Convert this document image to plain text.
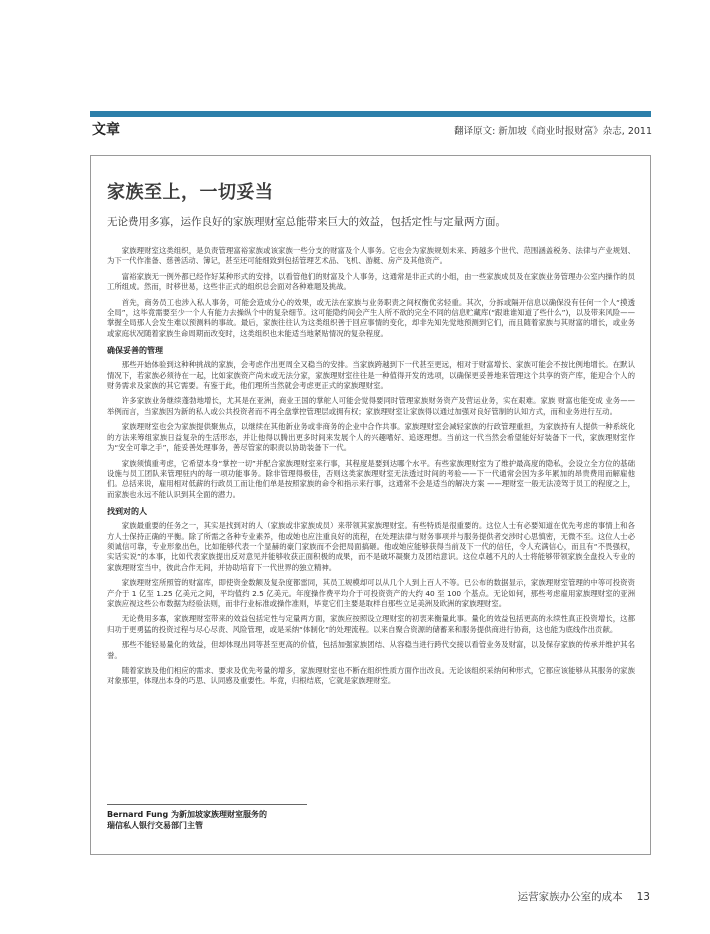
文章	翻译原文: 新加坡《商业时报财富》杂志, 2011
家族至上，一切妥当

无论费用多寡，运作良好的家族理财室总能带来巨大的效益，包括定性与定量两方面。

家族理财室这类组织，是负责管理富裕家族或该家族一些分支的财富及个人事务。它也会为家族规划未来、跨越多个世代、范围涵盖税务、法律与产业规划、为下一代作准备、慈善活动、簿记，甚至还可能细致到包括管理艺术品、飞机、游艇、房产及其他资产。

富裕家族无一例外都已经作好某种形式的安排，以看管他们的财富及个人事务，这通常是非正式的小组，由一些家族成员及在家族业务管理办公室内操作的员工所组成。然而，时移世易，这些非正式的组织总会面对各种难题及挑战。

首先，商务员工也涉入私人事务，可能会造成分心的效果，或无法在家族与业务职责之间权衡优劣轻重。其次，分拆或隔开信息以确保没有任何一个人“摸透全局”，这毕竟需要至少一个人有能力去操纵个中的复杂细节。这可能隐约间会产生人所不欲的完全不同的信息贮藏库(“跟谁谁知道了些什么”)，以及带来风险——掌握全局那人会发生难以预测料的事故。最后，家族往往认为这类组织善于回应事情的变化，却非先知先觉地预测到它们，而且随着家族与其财富的增长，或业务或家庭状况随着家族生命周期而改变时，这类组织也未能适当地紧贴情况的复杂程度。

确保妥善的管理

那些开始体验到这种种挑战的家族，会考虑作出更周全又稳当的安排。当家族跨越到下一代甚至更远，相对于财富增长、家族可能会不按比例地增长。在默认情况下，若家族必须待在一起，比如家族资产尚未或无法分家，家族理财室往往是一种值得开发的选项，以确保更妥善地来管理这个共享的资产库，能迎合个人的财务需求及家族的其它需要。有鉴于此，他们理所当然就会考虑更正式的家族理财室。

许多家族业务继续蓬勃地增长，尤其是在亚洲，商业王国的掌舵人可能会觉得要同时管理家族财务资产及营运业务，实在艰难。家族 财富也能变成 业务——举例而言，当家族因为新的私人或公共投资者而不再全盘掌控管理层或拥有权；家族理财室让家族得以通过加强对良好管制的认知方式，而和业务进行互动。

家族理财室也会为家族提供聚焦点，以继续在其他新业务或非商务的企业中合作共事。家族理财室会减轻家族的行政管理重担，为家族持有人提供一种系统化的方法来筹组家族日益复杂的生活形态，并让他得以腾出更多时间来发展个人的兴趣嗜好、追逐理想。当前这一代当然会希望能好好装备下一代，家族理财室作为“安全可靠之手”，能妥善处理事务，善尽管家的职责以协助装备下一代。

家族须慎重考虑，它希望本身“掌控一切”并配合家族理财室来行事，其程度是要到达哪个水平。有些家族理财室为了维护最高度的隐私，会设立全方位的基础设施与员工团队来管理驻内的每一项功能事务。除非管理得极佳，否则这类家族理财室无法透过时间的考验——下一代通常会因为多年累加的昂贵费用而解雇他们。总括来说，雇用相对低薪的行政员工而让他们单是按照家族的命令和指示来行事，这通常不会是适当的解决方案 ——理财室一般无法凌驾于员工的程度之上，而家族也永远不能认识到其全面的潜力。

找到对的人

家族最重要的任务之一，其实是找到对的人（家族或非家族成员）来带领其家族理财室。有些特质是很重要的。这位人士有必要知道在优先考虑的事情上和各方人士保持正确的平衡。除了所需之各种专业素养，他或她也应注重良好的流程，在处理法律与财务事项并与服务提供者交涉时心思慎密，无微不至。这位人士必须诚信可靠，专业形象出色，比如能够代表一个显赫的豪门家族而不会把局面搞砸。他或她应能够获得当前及下一代的信任，令人充满信心，而且有“不畏强权，实话实说”的本事，比如代表家族提出反对意见并能够收获正面积极的成果，而不是破坏凝聚力及团结意识。这位卓越不凡的人士将能够带领家族全盘投入专业的家族理财室当中，彼此合作无间，并协助培育下一代世界的独立精神。

家族理财室所照管的财富库，即使资金数额及复杂度都雷同，其员工规模却可以从几个人到上百人不等。已公布的数据显示，家族理财室管理的中等可投资资产介于 1 亿至 1.25 亿美元之间，平均值约 2.5 亿美元。年度操作费平均介于可投资资产的大约 40 至 100 个基点。无论如何，那些考虑雇用家族理财室的亚洲家族应视这些公布数据为经验法则，而非行业标准或操作准则，毕竟它们主要是取样自那些立足美洲及欧洲的家族理财室。

无论费用多寡，家族理财室带来的效益包括定性与定量两方面，家族应按照设立理财室的初衷来衡量此事。量化的效益包括更高的永续性真正投资增长，这都归功于更勇猛的投资过程与尽心尽责、风险管理，或是采纳“体制化”的处理流程。以来自聚合资源的储蓄来和服务提供商进行协商，这也能为底线作出贡献。

那些不能轻易量化的效益，但却体现出同等甚至更高的价值，包括加强家族团结、从容稳当进行跨代交接以看管业务及财富，以及保存家族的传承并维护其名誉。

随着家族及他们相应的需求、要求及优先考量的增多，家族理财室也不断在组织性质方面作出改良。无论该组织采纳何种形式，它都应该能够从其服务的家族对象那里，体现出本身的巧思、认同感及重要性。毕竟，归根结底，它就是家族理财室。

Bernard Fung 为新加坡家族理财室服务的
瑞信私人银行交易部门主管
运营家族办公室的成本 13
